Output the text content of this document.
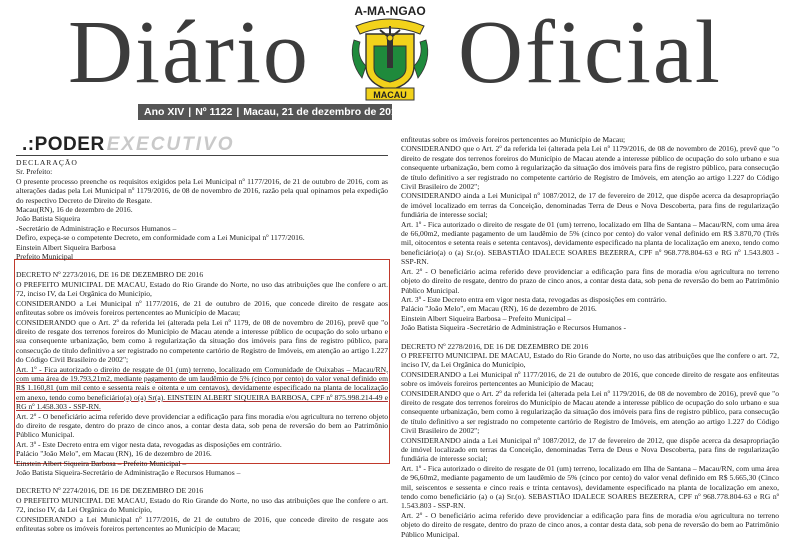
Diário Oficial
A-MA-NGAO
MACAU
Ano XIV | Nº 1122 | Macau, 21 de dezembro de 2016
.:PODER EXECUTIVO

DECLARAÇÃO

Sr. Prefeito:

O presente processo preenche os requisitos exigidos pela Lei Municipal nº 1177/2016, de 21 de outubro de 2016, com as alterações dadas pela Lei Municipal nº 1179/2016, de 08 de novembro de 2016, razão pela qual opinamos pela expedição do respectivo Decreto de Direito de Resgate.

Macau(RN), 16 de dezembro de 2016.

João Batista Siqueira

-Secretário de Administração e Recursos Humanos –

Defiro, expeça-se o competente Decreto, em conformidade com a Lei Municipal nº 1177/2016.

Einstein Albert Siqueira Barbosa

Prefeito Municipal

DECRETO Nº 2273/2016, DE 16 DE DEZEMBRO DE 2016

O PREFEITO MUNICIPAL DE MACAU, Estado do Rio Grande do Norte, no uso das atribuições que lhe confere o art. 72, inciso IV, da Lei Orgânica do Município,

CONSIDERANDO a Lei Municipal nº 1177/2016, de 21 de outubro de 2016, que concede direito de resgate aos enfiteutas sobre os imóveis foreiros pertencentes ao Município de Macau;

CONSIDERANDO que o Art. 2º da referida lei (alterada pela Lei nº 1179, de 08 de novembro de 2016), prevê que "o direito de resgate dos terrenos foreiros do Município de Macau atende a interesse público de ocupação do solo urbano e sua consequente urbanização, bem como à regularização da situação dos imóveis para fins de registro público, para consecução de título definitivo a ser registrado no competente cartório de Registro de Imóveis, em atenção ao artigo 1.227 do Código Civil Brasileiro de 2002";

Art. 1º - Fica autorizado o direito de resgate de 01 (um) terreno, localizado em Comunidade de Ouixabas – Macau/RN, com uma área de 19.793,21m2, mediante pagamento de um laudêmio de 5% (cinco por cento) do valor venal definido em R$ 1.160,81 (um mil cento e sessenta reais e oitenta e um centavos), devidamente especificado na planta de localização em anexo, tendo como beneficiário(a) o(a) Sr(a). EINSTEIN ALBERT SIQUEIRA BARBOSA, CPF nº 875.998.214-49 e RG nº 1.458.303 - SSP-RN.

Art. 2º - O beneficiário acima referido deve providenciar a edificação para fins moradia e/ou agricultura no terreno objeto do direito de resgate, dentro do prazo de cinco anos, a contar desta data, sob pena de reversão do bem ao Patrimônio Público Municipal.

Art. 3º - Este Decreto entra em vigor nesta data, revogadas as disposições em contrário.

Palácio "João Melo", em Macau (RN), 16 de dezembro de 2016.

Einstein Albert Siqueira Barbosa – Prefeito Municipal –

João Batista Siqueira-Secretário de Administração e Recursos Humanos –

DECRETO Nº 2274/2016, DE 16 DE DEZEMBRO DE 2016

O PREFEITO MUNICIPAL DE MACAU, Estado do Rio Grande do Norte, no uso das atribuições que lhe confere o art. 72, inciso IV, da Lei Orgânica do Município,

CONSIDERANDO a Lei Municipal nº 1177/2016, de 21 de outubro de 2016, que concede direito de resgate aos enfiteutas sobre os imóveis foreiros pertencentes ao Município de Macau;

enfiteutas sobre os imóveis foreiros pertencentes ao Município de Macau;

CONSIDERANDO que o Art. 2º da referida lei (alterada pela Lei nº 1179/2016, de 08 de novembro de 2016), prevê que "o direito de resgate dos terrenos foreiros do Município de Macau atende a interesse público de ocupação do solo urbano e sua consequente urbanização, bem como à regularização da situação dos imóveis para fins de registro público, para consecução de título definitivo a ser registrado no competente cartório de Registro de Imóveis, em atenção ao artigo 1.227 do Código Civil Brasileiro de 2002";

CONSIDERANDO ainda a Lei Municipal nº 1087/2012, de 17 de fevereiro de 2012, que dispõe acerca da desapropriação de imóvel localizado em terras da Conceição, denominadas Terra de Deus e Nova Descoberta, para fins de regularização fundiária de interesse social;

Art. 1º - Fica autorizado o direito de resgate de 01 (um) terreno, localizado em Ilha de Santana – Macau/RN, com uma área de 66,00m2, mediante pagamento de um laudêmio de 5% (cinco por cento) do valor venal definido em R$ 3.870,70 (Três mil, oitocentos e setenta reais e setenta centavos), devidamente especificado na planta de localização em anexo, tendo como beneficiário(a) o (a) Sr.(o). SEBASTIÃO IDALECE SOARES BEZERRA, CPF nº 968.778.804-63 e RG nº 1.543.803 - SSP-RN.

Art. 2º - O beneficiário acima referido deve providenciar a edificação para fins de moradia e/ou agricultura no terreno objeto do direito de resgate, dentro do prazo de cinco anos, a contar desta data, sob pena de reversão do bem ao Patrimônio Público Municipal.

Art. 3º - Este Decreto entra em vigor nesta data, revogadas as disposições em contrário.

Palácio "João Melo", em Macau (RN), 16 de dezembro de 2016.

Einstein Albert Siqueira Barbosa – Prefeito Municipal –

João Batista Siqueira -Secretário de Administração e Recursos Humanos -

DECRETO Nº 2278/2016, DE 16 DE DEZEMBRO DE 2016

O PREFEITO MUNICIPAL DE MACAU, Estado do Rio Grande do Norte, no uso das atribuições que lhe confere o art. 72, inciso IV, da Lei Orgânica do Município,

CONSIDERANDO a Lei Municipal nº 1177/2016, de 21 de outubro de 2016, que concede direito de resgate aos enfiteutas sobre os imóveis foreiros pertencentes ao Município de Macau;

CONSIDERANDO que o Art. 2º da referida lei (alterada pela Lei nº 1179/2016, de 08 de novembro de 2016), prevê que "o direito de resgate dos terrenos foreiros do Município de Macau atende a interesse público de ocupação do solo urbano e sua consequente urbanização, bem como à regularização da situação dos imóveis para fins de registro público, para consecução de título definitivo a ser registrado no competente cartório de Registro de Imóveis, em atenção ao artigo 1.227 do Código Civil Brasileiro de 2002";

CONSIDERANDO ainda a Lei Municipal nº 1087/2012, de 17 de fevereiro de 2012, que dispõe acerca da desapropriação de imóvel localizado em terras da Conceição, denominadas Terra de Deus e Nova Descoberta, para fins de regularização fundiária de interesse social;

Art. 1º - Fica autorizado o direito de resgate de 01 (um) terreno, localizado em Ilha de Santana – Macau/RN, com uma área de 96,60m2, mediante pagamento de um laudêmio de 5% (cinco por cento) do valor venal definido em R$ 5.665,30 (Cinco mil, seiscentos e sessenta e cinco reais e trinta centavos), devidamente especificado na planta de localização em anexo, tendo como beneficiário (a) o (a) Sr.(o). SEBASTIÃO IDALECE SOARES BEZERRA, CPF nº 968.778.804-63 e RG nº 1.543.803 - SSP-RN.

Art. 2º - O beneficiário acima referido deve providenciar a edificação para fins de moradia e/ou agricultura no terreno objeto do direito de resgate, dentro do prazo de cinco anos, a contar desta data, sob pena de reversão do bem ao Patrimônio Público Municipal.
